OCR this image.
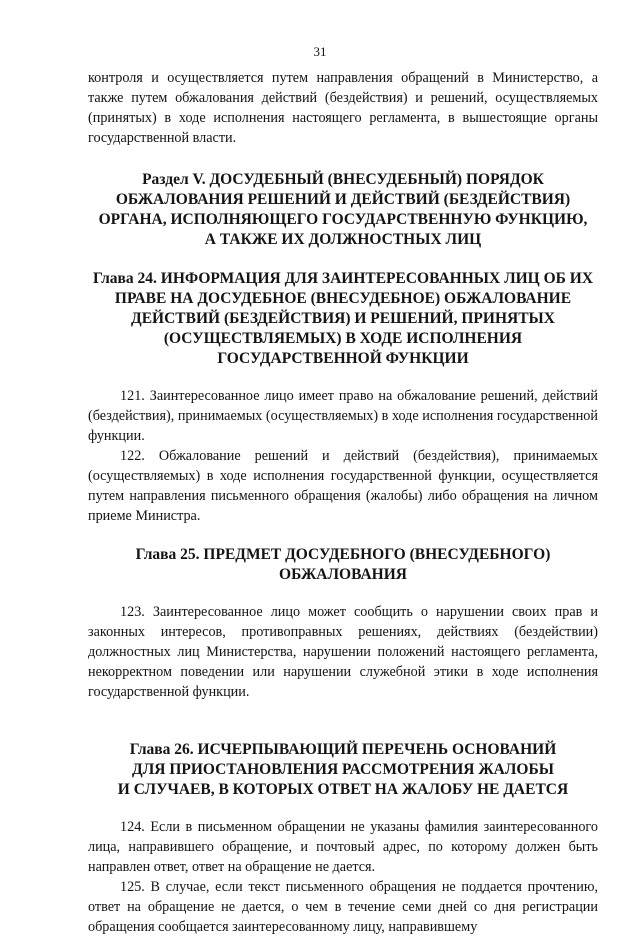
31

контроля и осуществляется путем направления обращений в Министерство, а также путем обжалования действий (бездействия) и решений, осуществляемых (принятых) в ходе исполнения настоящего регламента, в вышестоящие органы государственной власти.

Раздел V. ДОСУДЕБНЫЙ (ВНЕСУДЕБНЫЙ) ПОРЯДОК
ОБЖАЛОВАНИЯ РЕШЕНИЙ И ДЕЙСТВИЙ (БЕЗДЕЙСТВИЯ)
ОРГАНА, ИСПОЛНЯЮЩЕГО ГОСУДАРСТВЕННУЮ ФУНКЦИЮ,
А ТАКЖЕ ИХ ДОЛЖНОСТНЫХ ЛИЦ
Глава 24. ИНФОРМАЦИЯ ДЛЯ ЗАИНТЕРЕСОВАННЫХ ЛИЦ ОБ ИХ
ПРАВЕ НА ДОСУДЕБНОЕ (ВНЕСУДЕБНОЕ) ОБЖАЛОВАНИЕ
ДЕЙСТВИЙ (БЕЗДЕЙСТВИЯ) И РЕШЕНИЙ, ПРИНЯТЫХ
(ОСУЩЕСТВЛЯЕМЫХ) В ХОДЕ ИСПОЛНЕНИЯ
ГОСУДАРСТВЕННОЙ ФУНКЦИИ

121. Заинтересованное лицо имеет право на обжалование решений, действий (бездействия), принимаемых (осуществляемых) в ходе исполнения государственной функции.

122. Обжалование решений и действий (бездействия), принимаемых (осуществляемых) в ходе исполнения государственной функции, осуществляется путем направления письменного обращения (жалобы) либо обращения на личном приеме Министра.

Глава 25. ПРЕДМЕТ ДОСУДЕБНОГО (ВНЕСУДЕБНОГО)
ОБЖАЛОВАНИЯ

123. Заинтересованное лицо может сообщить о нарушении своих прав и законных интересов, противоправных решениях, действиях (бездействии) должностных лиц Министерства, нарушении положений настоящего регламента, некорректном поведении или нарушении служебной этики в ходе исполнения государственной функции.

Глава 26. ИСЧЕРПЫВАЮЩИЙ ПЕРЕЧЕНЬ ОСНОВАНИЙ
ДЛЯ ПРИОСТАНОВЛЕНИЯ РАССМОТРЕНИЯ ЖАЛОБЫ
И СЛУЧАЕВ, В КОТОРЫХ ОТВЕТ НА ЖАЛОБУ НЕ ДАЕТСЯ

124. Если в письменном обращении не указаны фамилия заинтересованного лица, направившего обращение, и почтовый адрес, по которому должен быть направлен ответ, ответ на обращение не дается.

125. В случае, если текст письменного обращения не поддается прочтению, ответ на обращение не дается, о чем в течение семи дней со дня регистрации обращения сообщается заинтересованному лицу, направившему
